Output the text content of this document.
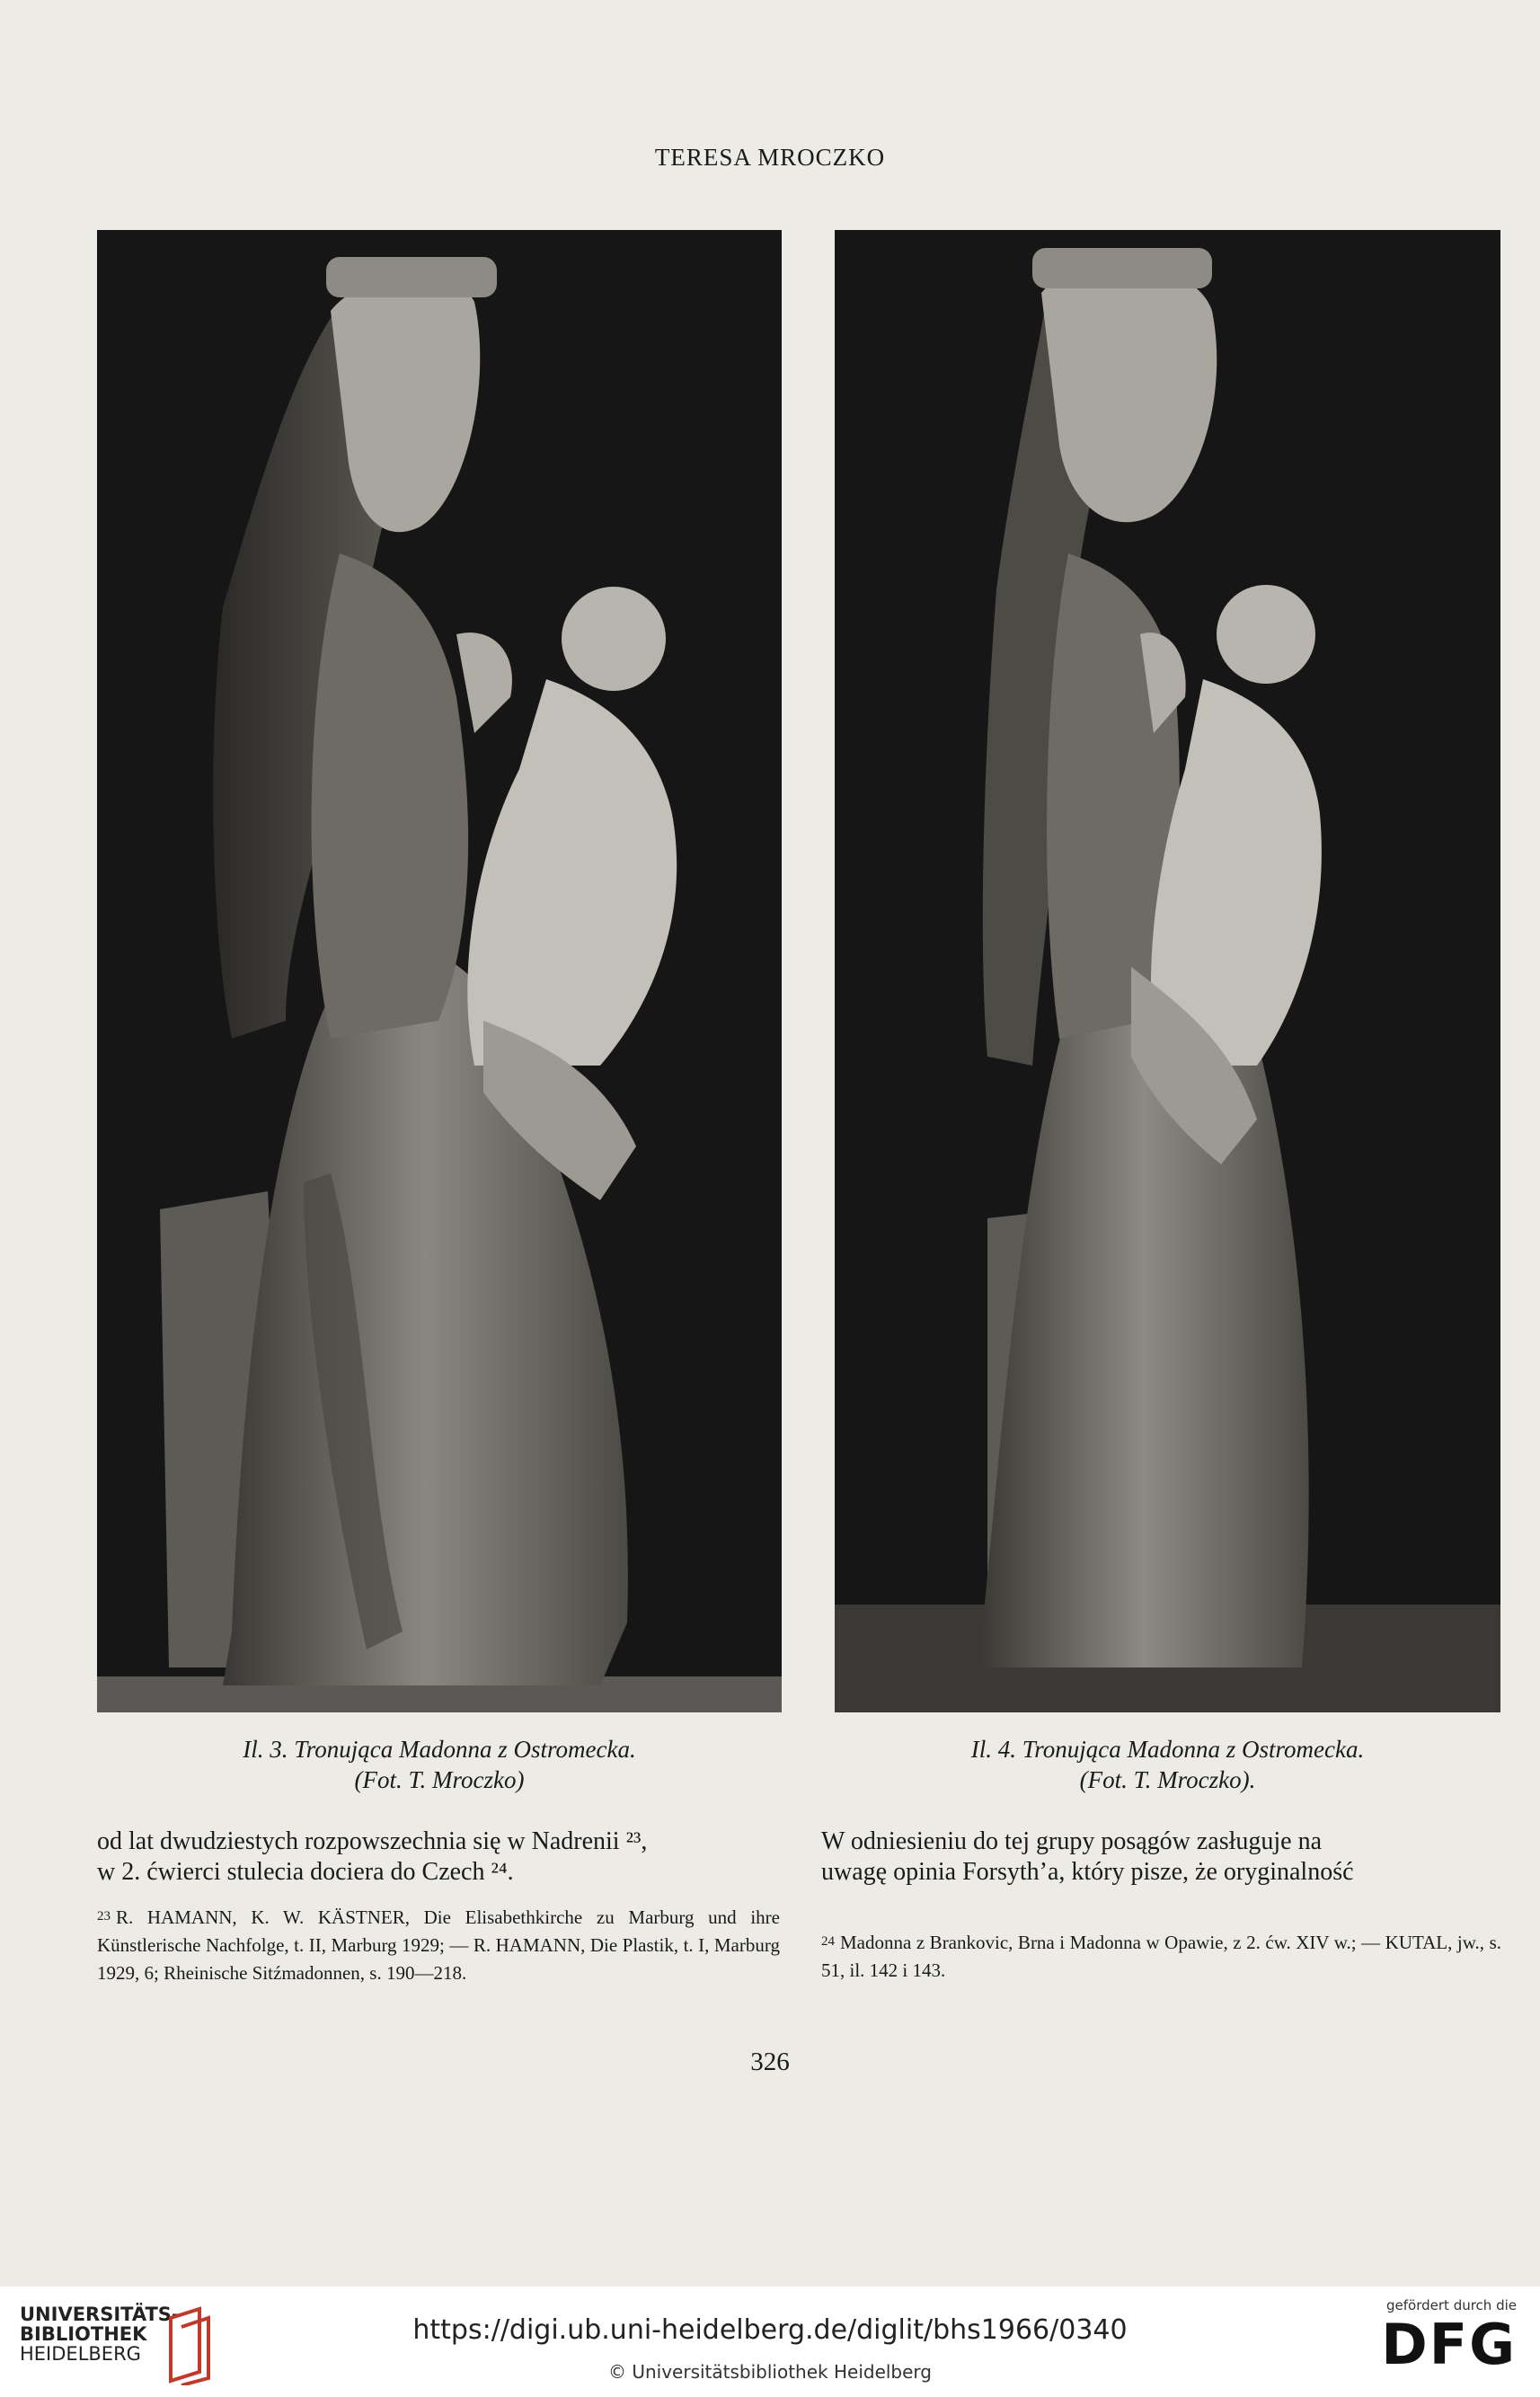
TERESA MROCZKO
Il. 3. Tronująca Madonna z Ostromecka.
(Fot. T. Mroczko)
Il. 4. Tronująca Madonna z Ostromecka.
(Fot. T. Mroczko).

od lat dwudziestych rozpowszechnia się w Nadrenii ²³,

w 2. ćwierci stulecia dociera do Czech ²⁴.

W odniesieniu do tej grupy posągów zasługuje na

uwagę opinia Forsyth’a, który pisze, że oryginalność

23 R. HAMANN, K. W. KÄSTNER, Die Elisabethkirche zu Marburg und ihre Künstlerische Nachfolge, t. II, Marburg 1929; — R. HAMANN, Die Plastik, t. I, Marburg 1929, 6; Rheinische Sitźmadonnen, s. 190—218.
24 Madonna z Brankovic, Brna i Madonna w Opawie, z 2. ćw. XIV w.; — KUTAL, jw., s. 51, il. 142 i 143.
326
UNIVERSITÄTS-
BIBLIOTHEK
HEIDELBERG
https://digi.ub.uni-heidelberg.de/diglit/bhs1966/0340
© Universitätsbibliothek Heidelberg
gefördert durch die
DFG
